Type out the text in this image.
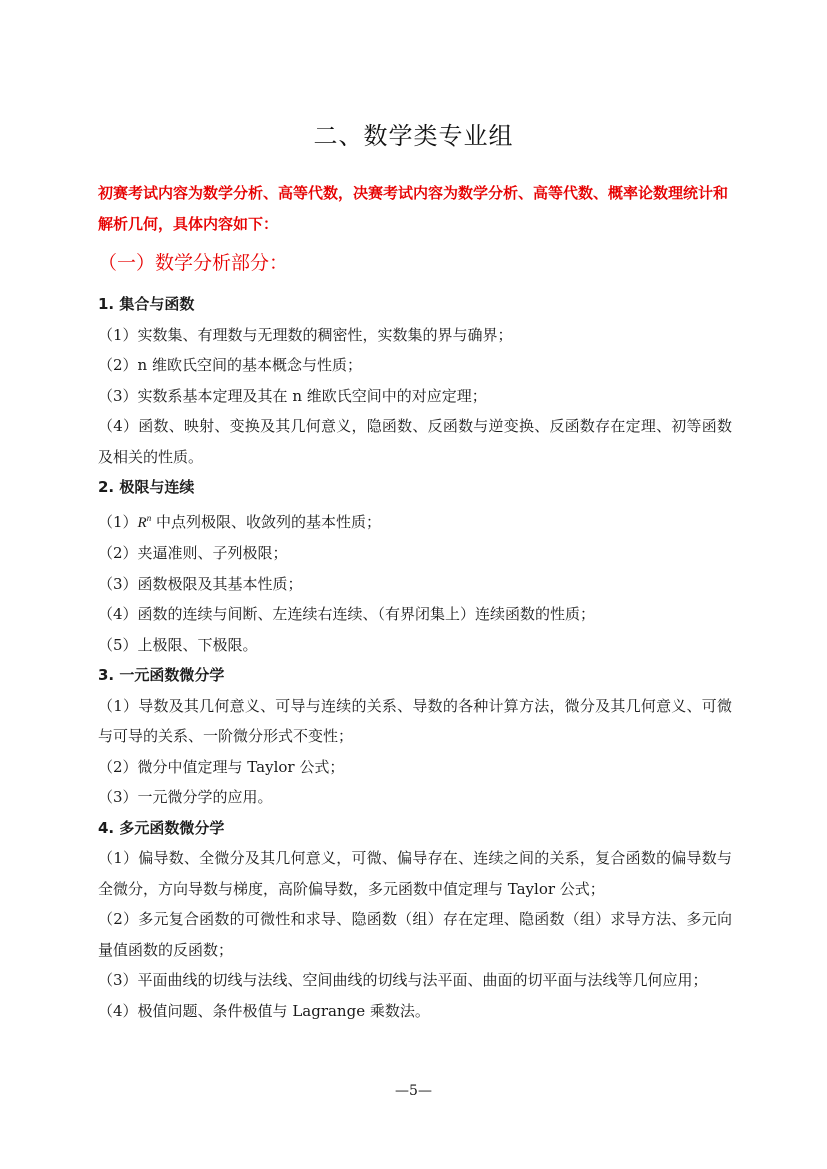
二、数学类专业组
初赛考试内容为数学分析、高等代数，决赛考试内容为数学分析、高等代数、概率论数理统计和解析几何，具体内容如下：
（一）数学分析部分：
1. 集合与函数
（1）实数集、有理数与无理数的稠密性，实数集的界与确界；
（2）n 维欧氏空间的基本概念与性质；
（3）实数系基本定理及其在 n 维欧氏空间中的对应定理；
（4）函数、映射、变换及其几何意义，隐函数、反函数与逆变换、反函数存在定理、初等函数及相关的性质。
2. 极限与连续
$(1)R^n$ 中点列极限、收敛列的基本性质；
（2）夹逼准则、子列极限；
（3）函数极限及其基本性质；
（4）函数的连续与间断、左连续右连续、（有界闭集上）连续函数的性质；
（5）上极限、下极限。
3. 一元函数微分学
（1）导数及其几何意义、可导与连续的关系、导数的各种计算方法，微分及其几何意义、可微与可导的关系、一阶微分形式不变性；
（2）微分中值定理与 Taylor 公式；
（3）一元微分学的应用。
4. 多元函数微分学
（1）偏导数、全微分及其几何意义，可微、偏导存在、连续之间的关系，复合函数的偏导数与全微分，方向导数与梯度，高阶偏导数，多元函数中值定理与 Taylor 公式；
（2）多元复合函数的可微性和求导、隐函数（组）存在定理、隐函数（组）求导方法、多元向量值函数的反函数；
（3）平面曲线的切线与法线、空间曲线的切线与法平面、曲面的切平面与法线等几何应用；
（4）极值问题、条件极值与 Lagrange 乘数法。
—5—
